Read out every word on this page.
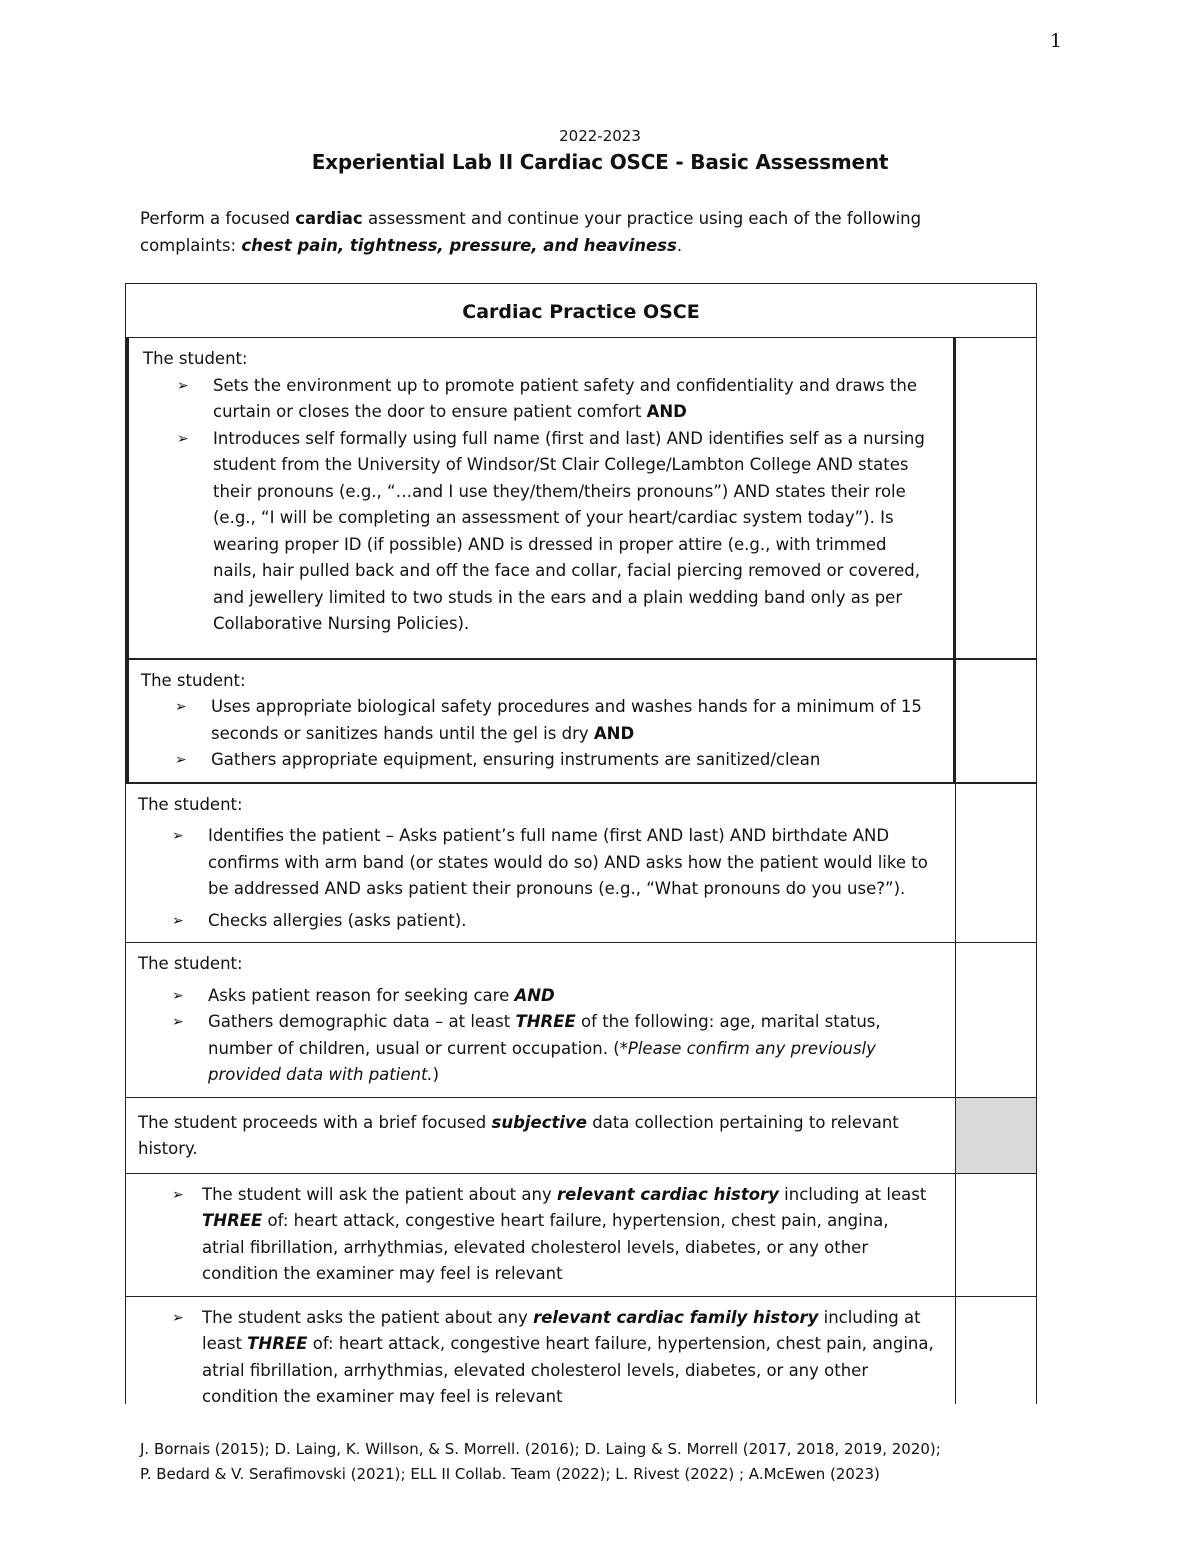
1
2022-2023
Experiential Lab II Cardiac OSCE - Basic Assessment
Perform a focused cardiac assessment and continue your practice using each of the following complaints: chest pain, tightness, pressure, and heaviness.
Cardiac Practice OSCE

The student:

➢ Sets the environment up to promote patient safety and confidentiality and draws the curtain or closes the door to ensure patient comfort AND
➢ Introduces self formally using full name (first and last) AND identifies self as a nursing student from the University of Windsor/St Clair College/Lambton College AND states their pronouns (e.g., “…and I use they/them/theirs pronouns”) AND states their role (e.g., “I will be completing an assessment of your heart/cardiac system today”). Is wearing proper ID (if possible) AND is dressed in proper attire (e.g., with trimmed nails, hair pulled back and off the face and collar, facial piercing removed or covered, and jewellery limited to two studs in the ears and a plain wedding band only as per Collaborative Nursing Policies).

The student:

➢ Uses appropriate biological safety procedures and washes hands for a minimum of 15 seconds or sanitizes hands until the gel is dry AND
➢ Gathers appropriate equipment, ensuring instruments are sanitized/clean

The student:

➢ Identifies the patient – Asks patient’s full name (first AND last) AND birthdate AND confirms with arm band (or states would do so) AND asks how the patient would like to be addressed AND asks patient their pronouns (e.g., “What pronouns do you use?”).
➢ Checks allergies (asks patient).

The student:

➢ Asks patient reason for seeking care AND
➢ Gathers demographic data – at least THREE of the following: age, marital status, number of children, usual or current occupation. (*Please confirm any previously provided data with patient.)
The student proceeds with a brief focused subjective data collection pertaining to relevant history.
➢ The student will ask the patient about any relevant cardiac history including at least THREE of: heart attack, congestive heart failure, hypertension, chest pain, angina, atrial fibrillation, arrhythmias, elevated cholesterol levels, diabetes, or any other condition the examiner may feel is relevant
➢ The student asks the patient about any relevant cardiac family history including at least THREE of: heart attack, congestive heart failure, hypertension, chest pain, angina, atrial fibrillation, arrhythmias, elevated cholesterol levels, diabetes, or any other condition the examiner may feel is relevant
J. Bornais (2015); D. Laing, K. Willson, & S. Morrell. (2016); D. Laing & S. Morrell (2017, 2018, 2019, 2020);
P. Bedard & V. Serafimovski (2021); ELL II Collab. Team (2022); L. Rivest (2022) ; A.McEwen (2023)
